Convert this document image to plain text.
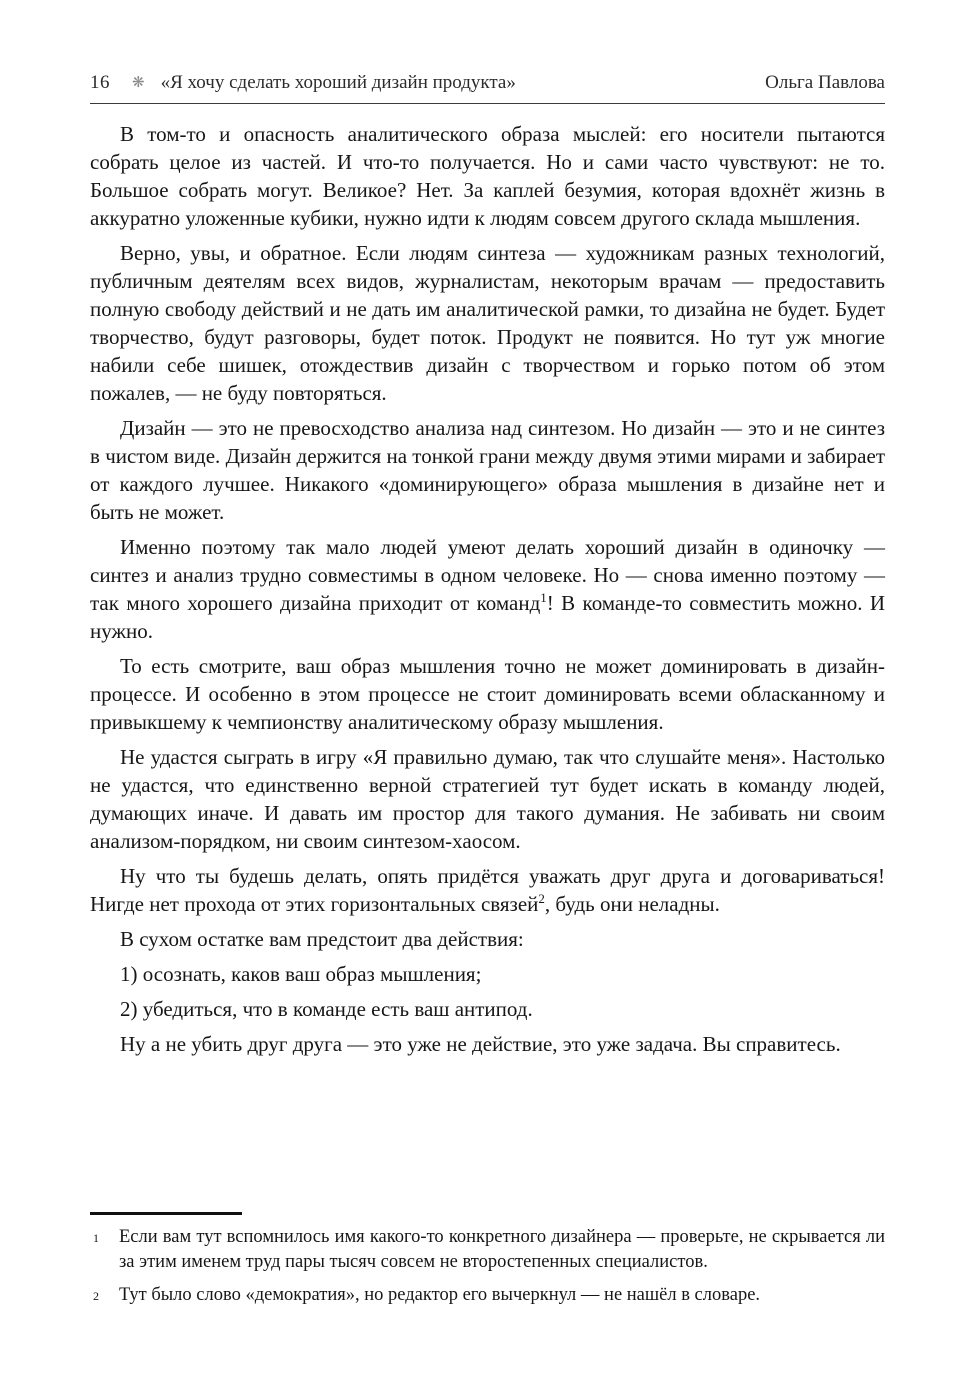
16 ❋ «Я хочу сделать хороший дизайн продукта»	Ольга Павлова

В том-то и опасность аналитического образа мыслей: его носители пытаются собрать целое из частей. И что-то получается. Но и сами часто чувствуют: не то. Большое собрать могут. Великое? Нет. За каплей безумия, которая вдохнёт жизнь в аккуратно уложенные кубики, нужно идти к людям совсем другого склада мышления.

Верно, увы, и обратное. Если людям синтеза — художникам разных технологий, публичным деятелям всех видов, журналистам, некоторым врачам — предоставить полную свободу действий и не дать им аналитической рамки, то дизайна не будет. Будет творчество, будут разговоры, будет поток. Продукт не появится. Но тут уж многие набили себе шишек, отождествив дизайн с творчеством и горько потом об этом пожалев, — не буду повторяться.

Дизайн — это не превосходство анализа над синтезом. Но дизайн — это и не синтез в чистом виде. Дизайн держится на тонкой грани между двумя этими мирами и забирает от каждого лучшее. Никакого «доминирующего» образа мышления в дизайне нет и быть не может.

Именно поэтому так мало людей умеют делать хороший дизайн в одиночку — синтез и анализ трудно совместимы в одном человеке. Но — снова именно поэтому — так много хорошего дизайна приходит от команд$^1$! В команде-то совместить можно. И нужно.

То есть смотрите, ваш образ мышления точно не может доминировать в дизайн-процессе. И особенно в этом процессе не стоит доминировать всеми обласканному и привыкшему к чемпионству аналитическому образу мышления.

Не удастся сыграть в игру «Я правильно думаю, так что слушайте меня». Настолько не удастся, что единственно верной стратегией тут будет искать в команду людей, думающих иначе. И давать им простор для такого думания. Не забивать ни своим анализом-порядком, ни своим синтезом-хаосом.

Ну что ты будешь делать, опять придётся уважать друг друга и договариваться! Нигде нет прохода от этих горизонтальных связей$^2$, будь они неладны.

В сухом остатке вам предстоит два действия:

1) осознать, каков ваш образ мышления;

2) убедиться, что в команде есть ваш антипод.

Ну а не убить друг друга — это уже не действие, это уже задача. Вы справитесь.

1 Если вам тут вспомнилось имя какого-то конкретного дизайнера — проверьте, не скрывается ли за этим именем труд пары тысяч совсем не второстепенных специалистов.
2 Тут было слово «демократия», но редактор его вычеркнул — не нашёл в словаре.
